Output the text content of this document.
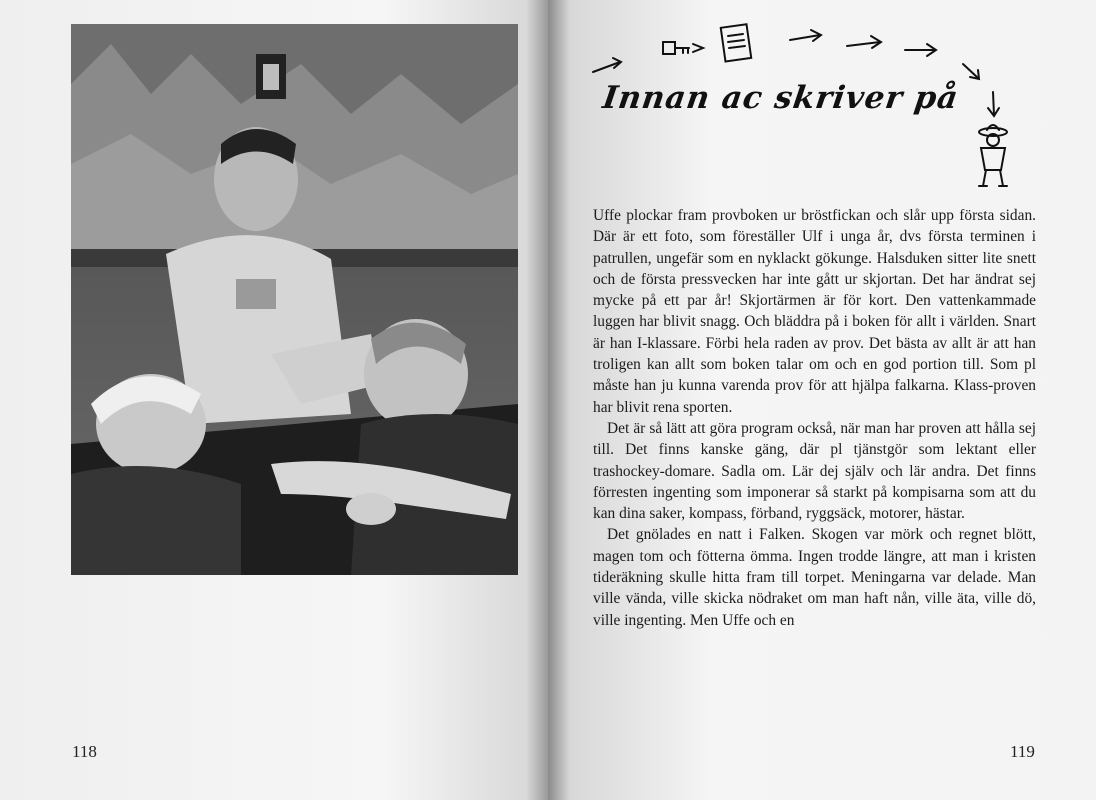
118
Innan ac skriver på

Uffe plockar fram provboken ur bröstfickan och slår upp första sidan. Där är ett foto, som föreställer Ulf i unga år, dvs första terminen i patrullen, ungefär som en nyklackt gökunge. Halsduken sitter lite snett och de första pressvecken har inte gått ur skjortan. Det har ändrat sej mycke på ett par år! Skjortärmen är för kort. Den vattenkammade luggen har blivit snagg. Och bläddra på i boken för allt i världen. Snart är han I-klassare. Förbi hela raden av prov. Det bästa av allt är att han troligen kan allt som boken talar om och en god portion till. Som pl måste han ju kunna varenda prov för att hjälpa falkarna. Klass-proven har blivit rena sporten.

Det är så lätt att göra program också, när man har proven att hålla sej till. Det finns kanske gäng, där pl tjänstgör som lektant eller trashockey-domare. Sadla om. Lär dej själv och lär andra. Det finns förresten ingenting som imponerar så starkt på kompisarna som att du kan dina saker, kompass, förband, ryggsäck, motorer, hästar.

Det gnölades en natt i Falken. Skogen var mörk och regnet blött, magen tom och fötterna ömma. Ingen trodde längre, att man i kristen tideräkning skulle hitta fram till torpet. Meningarna var delade. Man ville vända, ville skicka nödraket om man haft nån, ville äta, ville dö, ville ingenting. Men Uffe och en

119
